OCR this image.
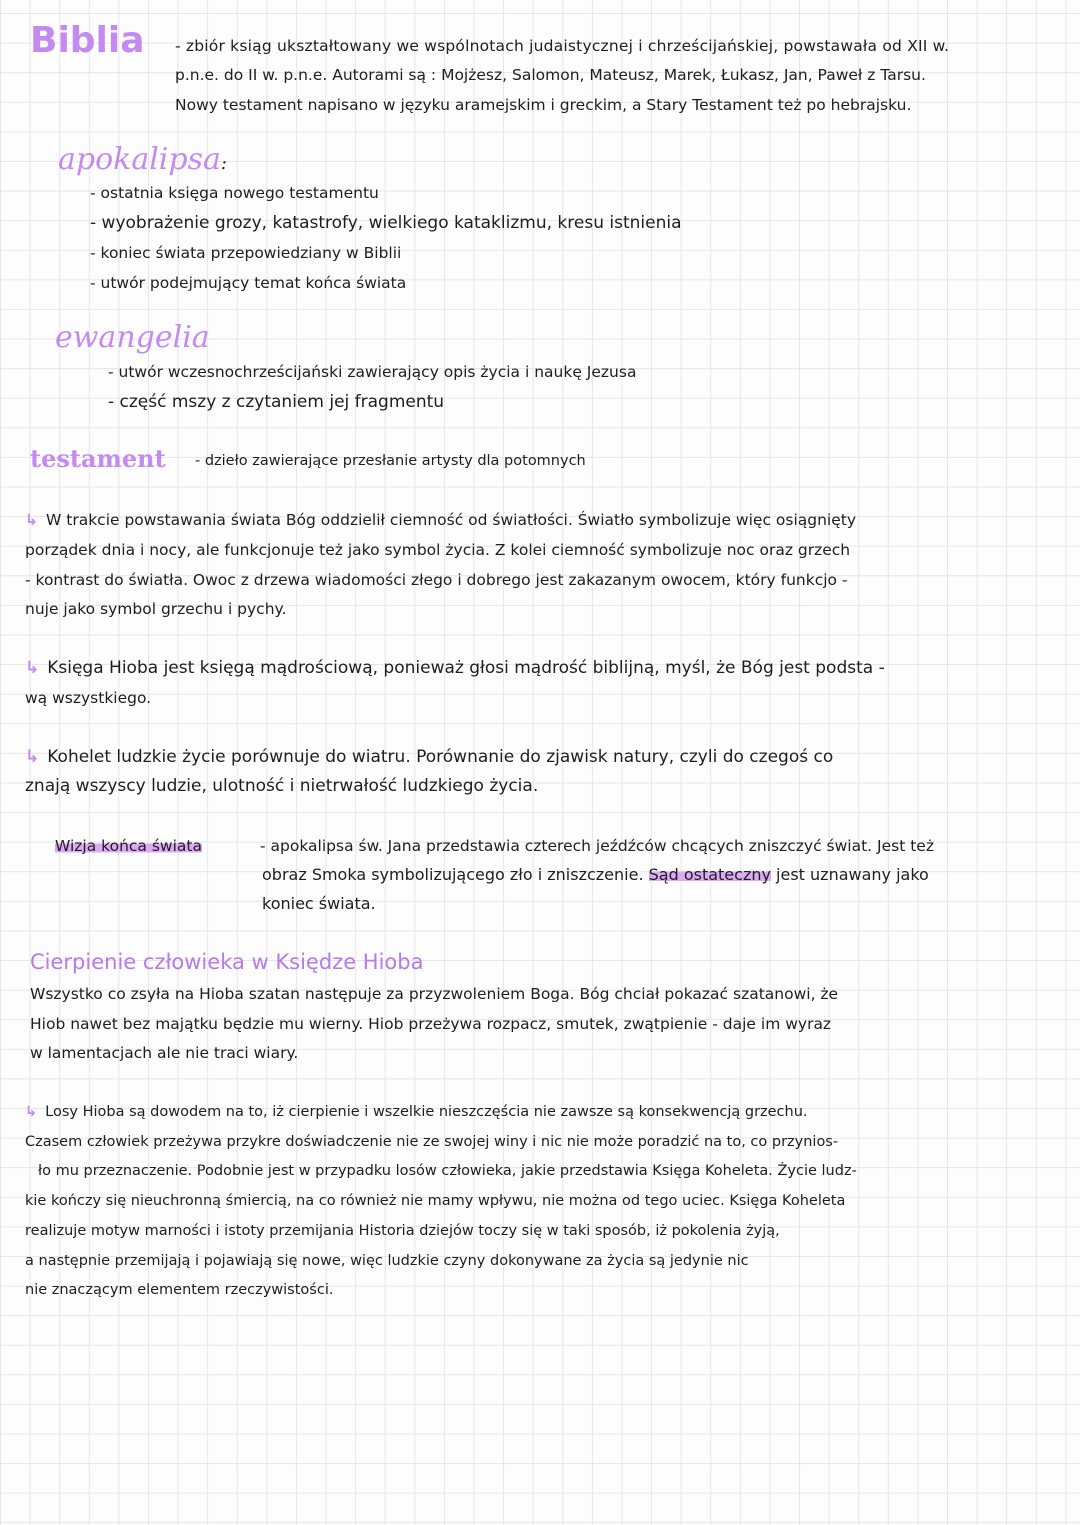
Biblia - zbiór ksiąg ukształtowany we wspólnotach judaistycznej i chrześcijańskiej, powstawała od XII w.
p.n.e. do II w. p.n.e. Autorami są : Mojżesz, Salomon, Mateusz, Marek, Łukasz, Jan, Paweł z Tarsu.
Nowy testament napisano w języku aramejskim i greckim, a Stary Testament też po hebrajsku.
apokalipsa:
- ostatnia księga nowego testamentu
- wyobrażenie grozy, katastrofy, wielkiego kataklizmu, kresu istnienia
- koniec świata przepowiedziany w Biblii
- utwór podejmujący temat końca świata
ewangelia
- utwór wczesnochrześcijański zawierający opis życia i naukę Jezusa
- część mszy z czytaniem jej fragmentu
testament - dzieło zawierające przesłanie artysty dla potomnych
↳ W trakcie powstawania świata Bóg oddzielił ciemność od światłości. Światło symbolizuje więc osiągnięty
porządek dnia i nocy, ale funkcjonuje też jako symbol życia. Z kolei ciemność symbolizuje noc oraz grzech
- kontrast do światła. Owoc z drzewa wiadomości złego i dobrego jest zakazanym owocem, który funkcjo -
nuje jako symbol grzechu i pychy.
↳ Księga Hioba jest księgą mądrościową, ponieważ głosi mądrość biblijną, myśl, że Bóg jest podsta -
wą wszystkiego.
↳ Kohelet ludzkie życie porównuje do wiatru. Porównanie do zjawisk natury, czyli do czegoś co
znają wszyscy ludzie, ulotność i nietrwałość ludzkiego życia.
Wizja końca świata	- apokalipsa św. Jana przedstawia czterech jeźdźców chcących zniszczyć świat. Jest też
obraz Smoka symbolizującego zło i zniszczenie. Sąd ostateczny jest uznawany jako
koniec świata.
Cierpienie człowieka w Księdze Hioba
Wszystko co zsyła na Hioba szatan następuje za przyzwoleniem Boga. Bóg chciał pokazać szatanowi, że
Hiob nawet bez majątku będzie mu wierny. Hiob przeżywa rozpacz, smutek, zwątpienie - daje im wyraz
w lamentacjach ale nie traci wiary.
↳ Losy Hioba są dowodem na to, iż cierpienie i wszelkie nieszczęścia nie zawsze są konsekwencją grzechu.
Czasem człowiek przeżywa przykre doświadczenie nie ze swojej winy i nic nie może poradzić na to, co przynios-
ło mu przeznaczenie. Podobnie jest w przypadku losów człowieka, jakie przedstawia Księga Koheleta. Życie ludz-
kie kończy się nieuchronną śmiercią, na co również nie mamy wpływu, nie można od tego uciec. Księga Koheleta
realizuje motyw marności i istoty przemijania Historia dziejów toczy się w taki sposób, iż pokolenia żyją,
a następnie przemijają i pojawiają się nowe, więc ludzkie czyny dokonywane za życia są jedynie nic
nie znaczącym elementem rzeczywistości.
